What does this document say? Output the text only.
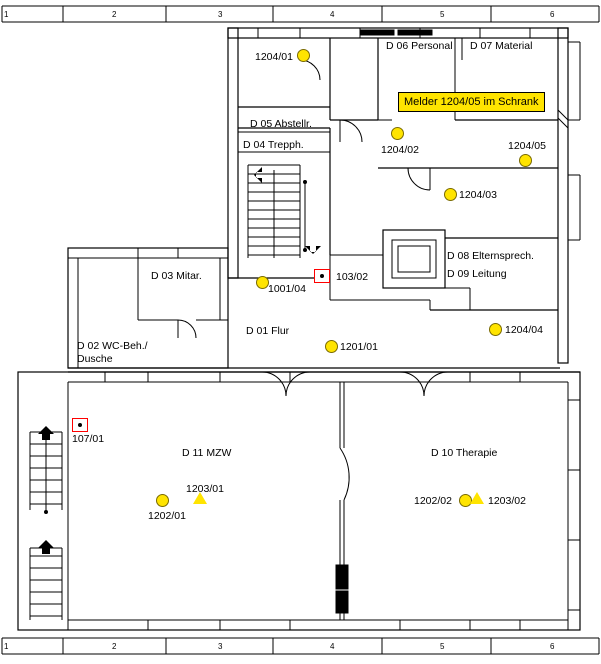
1	2	3	4	5	6
1	2	3	4	5	6
D 06 Personal D 07 Material
D 05 Abstellr.
D 04 Trepph.
D 08 Elternsprech.
D 09 Leitung
D 03 Mitar.
D 01 Flur
D 02 WC-Beh./
Dusche
D 11 MZW	D 10 Therapie
Melder 1204/05 im Schrank
1204/01
1204/02	1204/05
1204/03
1204/04
1001/04
1201/01
1202/01
1203/01
1202/02	1203/02
103/02
107/01
